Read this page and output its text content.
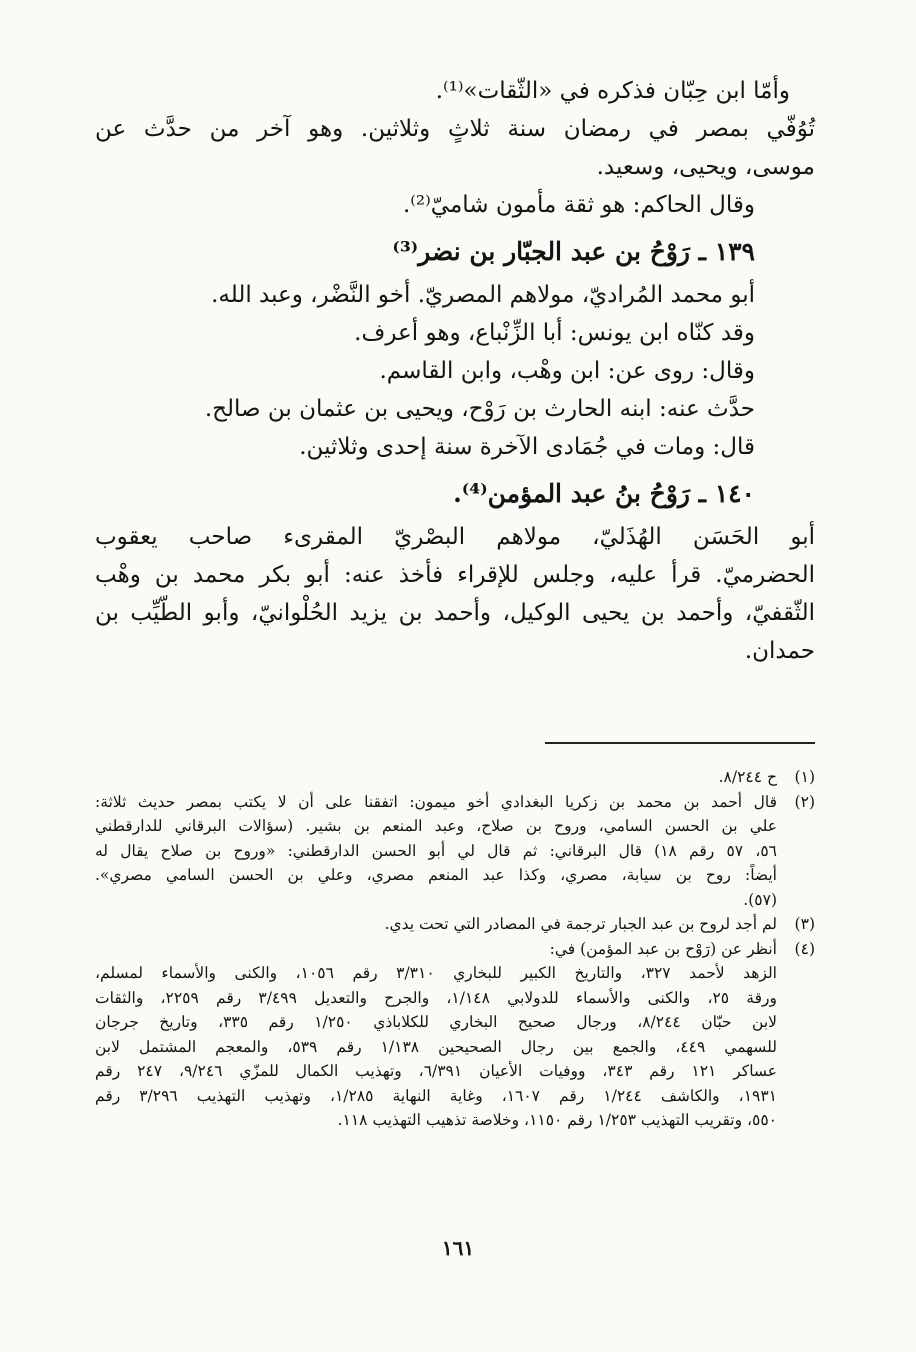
وأمّا ابن حِبّان فذكره في «الثّقات»⁽¹⁾.
تُوُفّي بمصر في رمضان سنة ثلاثٍ وثلاثين. وهو آخر من حدَّث عن
موسى، ويحيى، وسعيد.
وقال الحاكم: هو ثقة مأمون شاميّ⁽²⁾.
١٣٩ ـ رَوْحُ بن عبد الجبّار بن نضر⁽³⁾
أبو محمد المُراديّ، مولاهم المصريّ. أخو النَّضْر، وعبد الله.
وقد كنّاه ابن يونس: أبا الزِّنْباع، وهو أعرف.
وقال: روى عن: ابن وهْب، وابن القاسم.
حدَّث عنه: ابنه الحارث بن رَوْح، ويحيى بن عثمان بن صالح.
قال: ومات في جُمَادى الآخرة سنة إحدى وثلاثين.
١٤٠ ـ رَوْحُ بنُ عبد المؤمن⁽⁴⁾.
أبو الحَسَن الهُذَليّ، مولاهم البصْريّ المقرىء صاحب يعقوب
الحضرميّ. قرأ عليه، وجلس للإقراء فأخذ عنه: أبو بكر محمد بن وهْب
الثّقفيّ، وأحمد بن يحيى الوكيل، وأحمد بن يزيد الحُلْوانيّ، وأبو الطّيِّب بن
حمدان.
(١)
ح ٨/٢٤٤.
(٢)
قال أحمد بن محمد بن زكريا البغدادي أخو ميمون: اتفقنا على أن لا يكتب بمصر حديث ثلاثة:
علي بن الحسن السامي، وروح بن صلاح، وعبد المنعم بن بشير. (سؤالات البرقاني للدارقطني
٥٦، ٥٧ رقم ١٨) قال البرقاني: ثم قال لي أبو الحسن الدارقطني: «وروح بن صلاح يقال له
أيضاً: روح بن سيابة، مصري، وكذا عبد المنعم مصري، وعلي بن الحسن السامي مصري».
(٥٧).
(٣)
لم أجد لروح بن عبد الجبار ترجمة في المصادر التي تحت يدي.
(٤)
أنظر عن (رَوْح بن عبد المؤمن) في:
الزهد لأحمد ٣٢٧، والتاريخ الكبير للبخاري ٣/٣١٠ رقم ١٠٥٦، والكنى والأسماء لمسلم،
ورقة ٢٥، والكنى والأسماء للدولابي ١/١٤٨، والجرح والتعديل ٣/٤٩٩ رقم ٢٢٥٩، والثقات
لابن حبّان ٨/٢٤٤، ورجال صحيح البخاري للكلاباذي ١/٢٥٠ رقم ٣٣٥، وتاريخ جرجان
للسهمي ٤٤٩، والجمع بين رجال الصحيحين ١/١٣٨ رقم ٥٣٩، والمعجم المشتمل لابن
عساكر ١٢١ رقم ٣٤٣، ووفيات الأعيان ٦/٣٩١، وتهذيب الكمال للمزّي ٩/٢٤٦، ٢٤٧ رقم
١٩٣١، والكاشف ١/٢٤٤ رقم ١٦٠٧، وغاية النهاية ١/٢٨٥، وتهذيب التهذيب ٣/٢٩٦ رقم
٥٥٠، وتقريب التهذيب ١/٢٥٣ رقم ١١٥٠، وخلاصة تذهيب التهذيب ١١٨.
١٦١
